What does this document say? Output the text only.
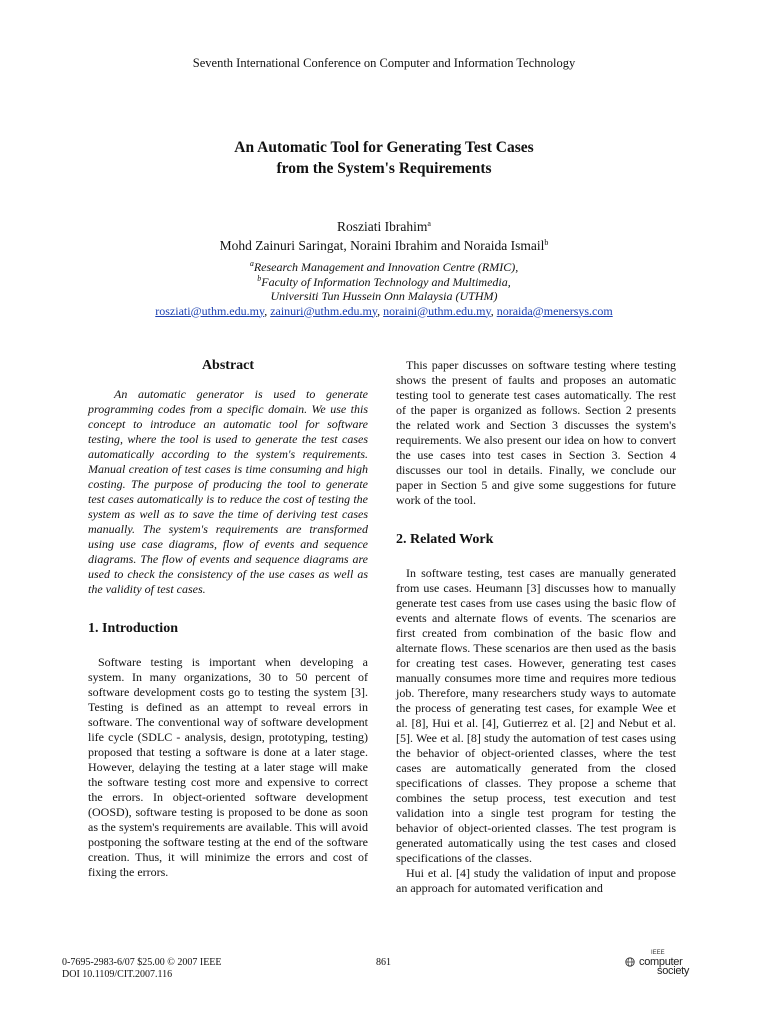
Seventh International Conference on Computer and Information Technology
An Automatic Tool for Generating Test Cases
from the System's Requirements
Rosziati Ibrahim$^a$
Mohd Zainuri Saringat, Noraini Ibrahim and Noraida Ismail$^b$
$^a$Research Management and Innovation Centre (RMIC),
$^b$Faculty of Information Technology and Multimedia,
Universiti Tun Hussein Onn Malaysia (UTHM)
rosziati@uthm.edu.my, zainuri@uthm.edu.my, noraini@uthm.edu.my, noraida@menersys.com
Abstract

An automatic generator is used to generate programming codes from a specific domain. We use this concept to introduce an automatic tool for software testing, where the tool is used to generate the test cases automatically according to the system's requirements. Manual creation of test cases is time consuming and high costing. The purpose of producing the tool to generate test cases automatically is to reduce the cost of testing the system as well as to save the time of deriving test cases manually. The system's requirements are transformed using use case diagrams, flow of events and sequence diagrams. The flow of events and sequence diagrams are used to check the consistency of the use cases as well as the validity of test cases.

1. Introduction

Software testing is important when developing a system. In many organizations, 30 to 50 percent of software development costs go to testing the system [3]. Testing is defined as an attempt to reveal errors in software. The conventional way of software development life cycle (SDLC - analysis, design, prototyping, testing) proposed that testing a software is done at a later stage. However, delaying the testing at a later stage will make the software testing cost more and expensive to correct the errors. In object-oriented software development (OOSD), software testing is proposed to be done as soon as the system's requirements are available. This will avoid postponing the software testing at the end of the software creation. Thus, it will minimize the errors and cost of fixing the errors.

This paper discusses on software testing where testing shows the present of faults and proposes an automatic testing tool to generate test cases automatically. The rest of the paper is organized as follows. Section 2 presents the related work and Section 3 discusses the system's requirements. We also present our idea on how to convert the use cases into test cases in Section 3. Section 4 discusses our tool in details. Finally, we conclude our paper in Section 5 and give some suggestions for future work of the tool.

2. Related Work

In software testing, test cases are manually generated from use cases. Heumann [3] discusses how to manually generate test cases from use cases using the basic flow of events and alternate flows of events. The scenarios are first created from combination of the basic flow and alternate flows. These scenarios are then used as the basis for creating test cases. However, generating test cases manually consumes more time and requires more tedious job. Therefore, many researchers study ways to automate the process of generating test cases, for example Wee et al. [8], Hui et al. [4], Gutierrez et al. [2] and Nebut et al. [5]. Wee et al. [8] study the automation of test cases using the behavior of object-oriented classes, where the test cases are automatically generated from the closed specifications of classes. They propose a scheme that combines the setup process, test execution and test validation into a single test program for testing the behavior of object-oriented classes. The test program is generated automatically using the test cases and closed specifications of the classes.

Hui et al. [4] study the validation of input and propose an approach for automated verification and

0-7695-2983-6/07 $25.00 © 2007 IEEE
DOI 10.1109/CIT.2007.116
861
IEEE
computer
society
